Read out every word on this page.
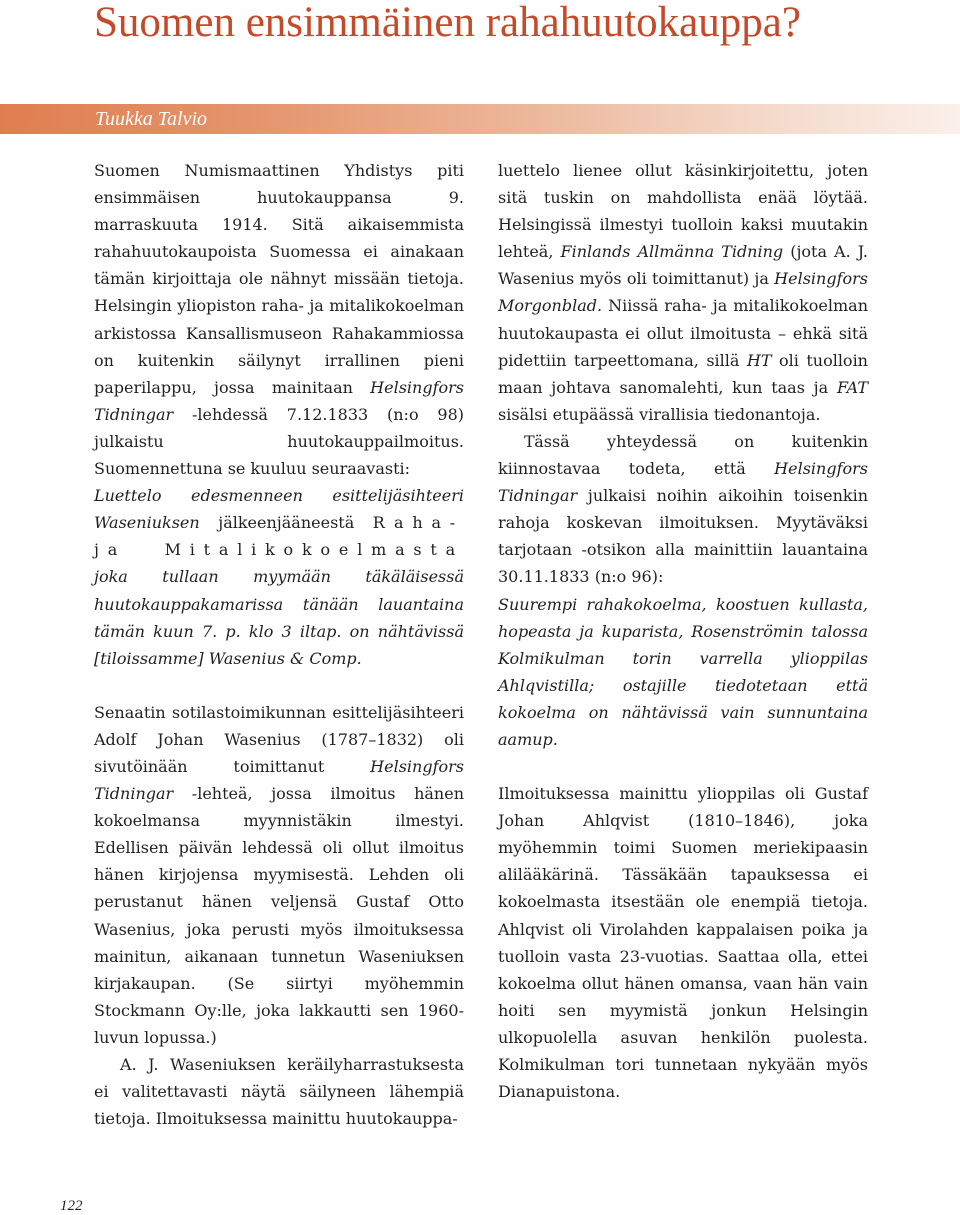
Suomen ensimmäinen rahahuutokauppa?
Tuukka Talvio

Suomen Numismaattinen Yhdistys piti ensimmäisen huutokauppansa 9. marraskuuta 1914. Sitä aikaisemmista rahahuutokaupoista Suomessa ei ainakaan tämän kirjoittaja ole nähnyt missään tietoja. Helsingin yliopiston raha- ja mitalikokoelman arkistossa Kansallismuseon Rahakammiossa on kuitenkin säilynyt irrallinen pieni paperilappu, jossa mainitaan Helsingfors Tidningar -lehdessä 7.12.1833 (n:o 98) julkaistu huutokauppailmoitus. Suomennettuna se kuuluu seuraavasti:

Luettelo edesmenneen esittelijäsihteeri Waseniuksen jälkeenjääneestä Raha- ja Mitalikokoelmasta joka tullaan myymään täkäläisessä huutokauppakamarissa tänään lauantaina tämän kuun 7. p. klo 3 iltap. on nähtävissä [tiloissamme] Wasenius & Comp.

Senaatin sotilastoimikunnan esittelijäsihteeri Adolf Johan Wasenius (1787–1832) oli sivutöinään toimittanut Helsingfors Tidningar -lehteä, jossa ilmoitus hänen kokoelmansa myynnistäkin ilmestyi. Edellisen päivän lehdessä oli ollut ilmoitus hänen kirjojensa myymisestä. Lehden oli perustanut hänen veljensä Gustaf Otto Wasenius, joka perusti myös ilmoituksessa mainitun, aikanaan tunnetun Waseniuksen kirjakaupan. (Se siirtyi myöhemmin Stockmann Oy:lle, joka lakkautti sen 1960-luvun lopussa.)

A. J. Waseniuksen keräilyharrastuksesta ei valitettavasti näytä säilyneen lähempiä tietoja. Ilmoituksessa mainittu huutokauppa-

luettelo lienee ollut käsinkirjoitettu, joten sitä tuskin on mahdollista enää löytää. Helsingissä ilmestyi tuolloin kaksi muutakin lehteä, Finlands Allmänna Tidning (jota A. J. Wasenius myös oli toimittanut) ja Helsingfors Morgonblad. Niissä raha- ja mitalikokoelman huutokaupasta ei ollut ilmoitusta – ehkä sitä pidettiin tarpeettomana, sillä HT oli tuolloin maan johtava sanomalehti, kun taas ja FAT sisälsi etupäässä virallisia tiedonantoja.

Tässä yhteydessä on kuitenkin kiinnostavaa todeta, että Helsingfors Tidningar julkaisi noihin aikoihin toisenkin rahoja koskevan ilmoituksen. Myytäväksi tarjotaan -otsikon alla mainittiin lauantaina 30.11.1833 (n:o 96):

Suurempi rahakokoelma, koostuen kullasta, hopeasta ja kuparista, Rosenströmin talossa Kolmikulman torin varrella ylioppilas Ahlqvistilla; ostajille tiedotetaan että kokoelma on nähtävissä vain sunnuntaina aamup.

Ilmoituksessa mainittu ylioppilas oli Gustaf Johan Ahlqvist (1810–1846), joka myöhemmin toimi Suomen meriekipaasin alilääkärinä. Tässäkään tapauksessa ei kokoelmasta itsestään ole enempiä tietoja. Ahlqvist oli Virolahden kappalaisen poika ja tuolloin vasta 23-vuotias. Saattaa olla, ettei kokoelma ollut hänen omansa, vaan hän vain hoiti sen myymistä jonkun Helsingin ulkopuolella asuvan henkilön puolesta. Kolmikulman tori tunnetaan nykyään myös Dianapuistona.

122
